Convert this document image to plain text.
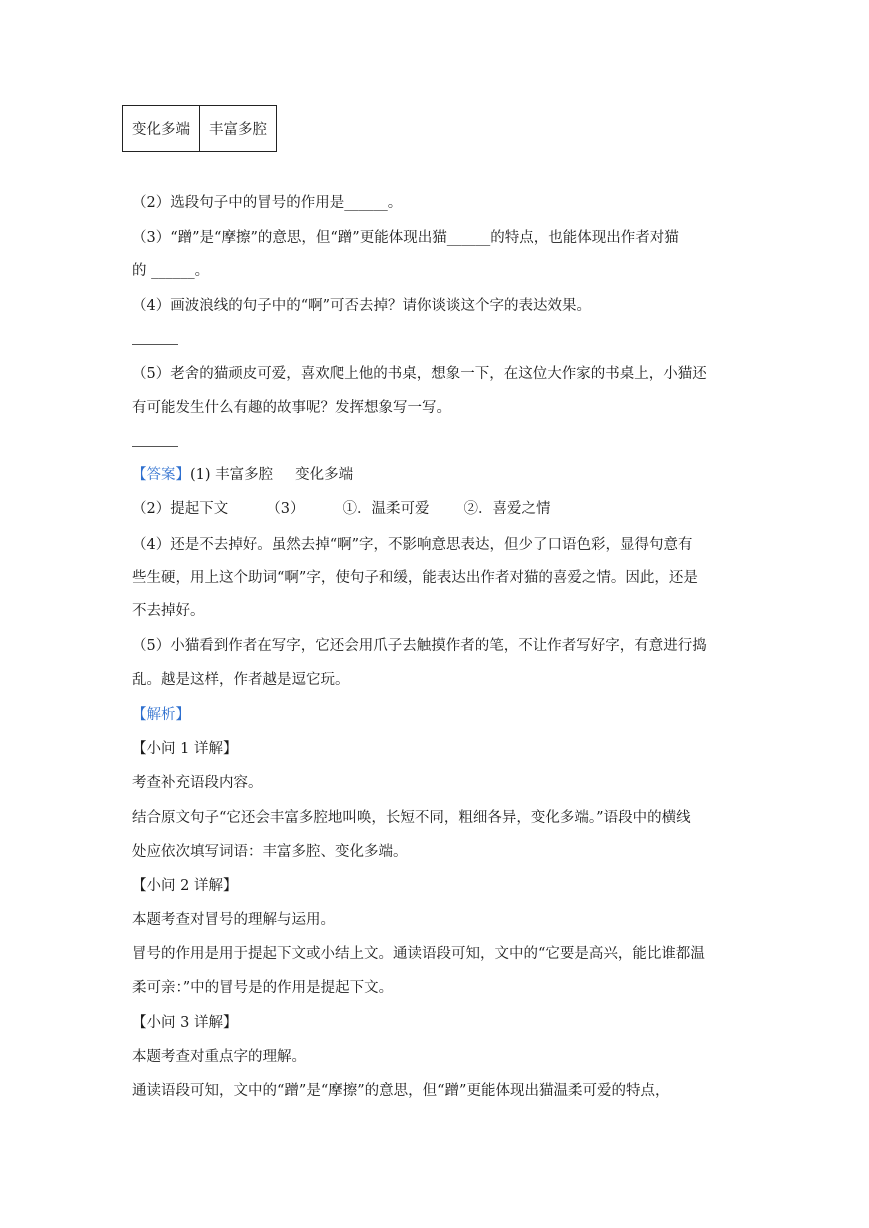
变化多端	丰富多腔
（2）选段句子中的冒号的作用是______。
（3）“蹭”是“摩擦”的意思，但“蹭”更能体现出猫______的特点，也能体现出作者对猫
的 ______。
（4）画波浪线的句子中的“啊”可否去掉？请你谈谈这个字的表达效果。
（5）老舍的猫顽皮可爱，喜欢爬上他的书桌，想象一下，在这位大作家的书桌上，小猫还
有可能发生什么有趣的故事呢？发挥想象写一写。
【答案】(1) 丰富多腔 变化多端
（2）提起下文	（3）	①．温柔可爱 ②．喜爱之情
（4）还是不去掉好。虽然去掉“啊”字，不影响意思表达，但少了口语色彩，显得句意有
些生硬，用上这个助词“啊”字，使句子和缓，能表达出作者对猫的喜爱之情。因此，还是
不去掉好。
（5）小猫看到作者在写字，它还会用爪子去触摸作者的笔，不让作者写好字，有意进行捣
乱。越是这样，作者越是逗它玩。
【解析】
【小问 1 详解】
考查补充语段内容。
结合原文句子“它还会丰富多腔地叫唤，长短不同，粗细各异，变化多端。”语段中的横线
处应依次填写词语：丰富多腔、变化多端。
【小问 2 详解】
本题考查对冒号的理解与运用。
冒号的作用是用于提起下文或小结上文。通读语段可知，文中的“它要是高兴，能比谁都温
柔可亲：”中的冒号是的作用是提起下文。
【小问 3 详解】
本题考查对重点字的理解。
通读语段可知，文中的“蹭”是“摩擦”的意思，但“蹭”更能体现出猫温柔可爱的特点，
